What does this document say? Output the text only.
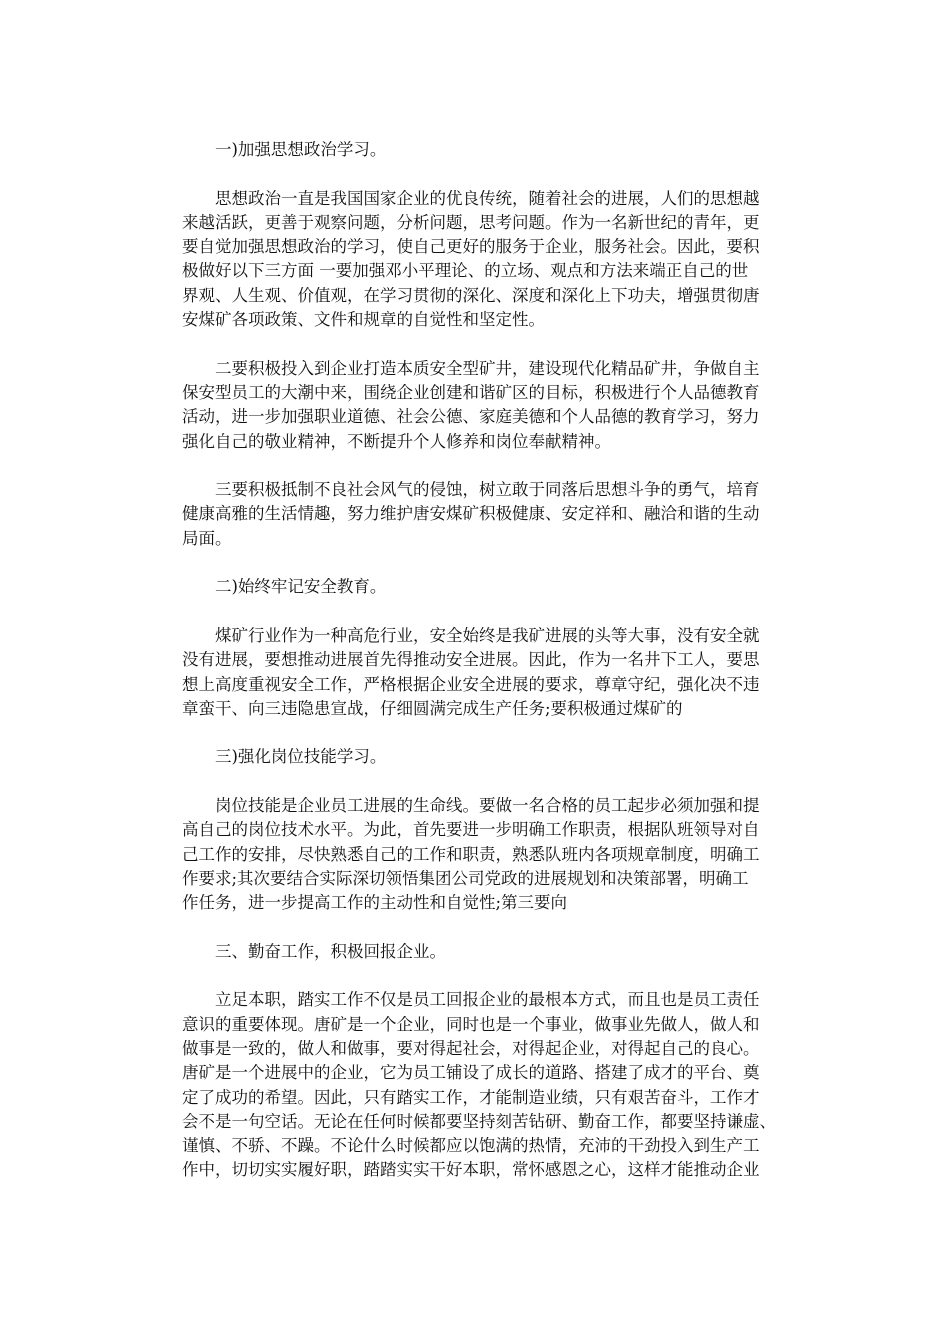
一)加强思想政治学习。
思想政治一直是我国国家企业的优良传统，随着社会的进展，人们的思想越
来越活跃，更善于观察问题，分析问题，思考问题。作为一名新世纪的青年，更
要自觉加强思想政治的学习，使自己更好的服务于企业，服务社会。因此，要积
极做好以下三方面 一要加强邓小平理论、的立场、观点和方法来端正自己的世
界观、人生观、价值观，在学习贯彻的深化、深度和深化上下功夫，增强贯彻唐
安煤矿各项政策、文件和规章的自觉性和坚定性。
二要积极投入到企业打造本质安全型矿井，建设现代化精品矿井，争做自主
保安型员工的大潮中来，围绕企业创建和谐矿区的目标，积极进行个人品德教育
活动，进一步加强职业道德、社会公德、家庭美德和个人品德的教育学习，努力
强化自己的敬业精神，不断提升个人修养和岗位奉献精神。
三要积极抵制不良社会风气的侵蚀，树立敢于同落后思想斗争的勇气，培育
健康高雅的生活情趣，努力维护唐安煤矿积极健康、安定祥和、融洽和谐的生动
局面。
二)始终牢记安全教育。
煤矿行业作为一种高危行业，安全始终是我矿进展的头等大事，没有安全就
没有进展，要想推动进展首先得推动安全进展。因此，作为一名井下工人，要思
想上高度重视安全工作，严格根据企业安全进展的要求，尊章守纪，强化决不违
章蛮干、向三违隐患宣战，仔细圆满完成生产任务;要积极通过煤矿的
三)强化岗位技能学习。
岗位技能是企业员工进展的生命线。要做一名合格的员工起步必须加强和提
高自己的岗位技术水平。为此，首先要进一步明确工作职责，根据队班领导对自
己工作的安排，尽快熟悉自己的工作和职责，熟悉队班内各项规章制度，明确工
作要求;其次要结合实际深切领悟集团公司党政的进展规划和决策部署，明确工
作任务，进一步提高工作的主动性和自觉性;第三要向
三、勤奋工作，积极回报企业。
立足本职，踏实工作不仅是员工回报企业的最根本方式，而且也是员工责任
意识的重要体现。唐矿是一个企业，同时也是一个事业，做事业先做人，做人和
做事是一致的，做人和做事，要对得起社会，对得起企业，对得起自己的良心。
唐矿是一个进展中的企业，它为员工铺设了成长的道路、搭建了成才的平台、奠
定了成功的希望。因此，只有踏实工作，才能制造业绩，只有艰苦奋斗，工作才
会不是一句空话。无论在任何时候都要坚持刻苦钻研、勤奋工作，都要坚持谦虚、
谨慎、不骄、不躁。不论什么时候都应以饱满的热情，充沛的干劲投入到生产工
作中，切切实实履好职，踏踏实实干好本职，常怀感恩之心，这样才能推动企业
